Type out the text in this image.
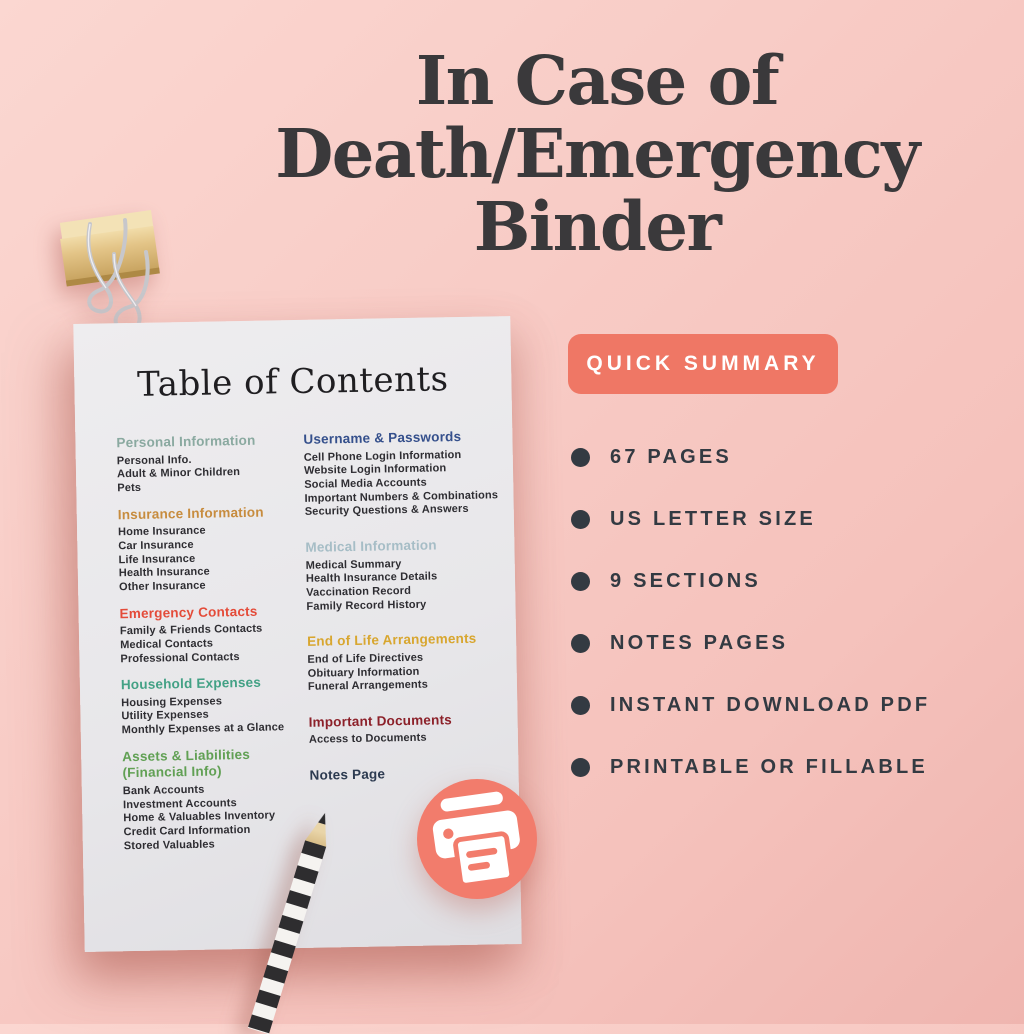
In Case of
Death/Emergency
Binder
Table of Contents
Personal Information
Personal Info.
Adult & Minor Children
Pets
Insurance Information
Home Insurance
Car Insurance
Life Insurance
Health Insurance
Other Insurance
Emergency Contacts
Family & Friends Contacts
Medical Contacts
Professional Contacts
Household Expenses
Housing Expenses
Utility Expenses
Monthly Expenses at a Glance
Assets & Liabilities (Financial Info)
Bank Accounts
Investment Accounts
Home & Valuables Inventory
Credit Card Information
Stored Valuables
Username & Passwords
Cell Phone Login Information
Website Login Information
Social Media Accounts
Important Numbers & Combinations
Security Questions & Answers
Medical Information
Medical Summary
Health Insurance Details
Vaccination Record
Family Record History
End of Life Arrangements
End of Life Directives
Obituary Information
Funeral Arrangements
Important Documents
Access to Documents
Notes Page
QUICK SUMMARY
67 PAGES
US LETTER SIZE
9 SECTIONS
NOTES PAGES
INSTANT DOWNLOAD PDF
PRINTABLE OR FILLABLE
